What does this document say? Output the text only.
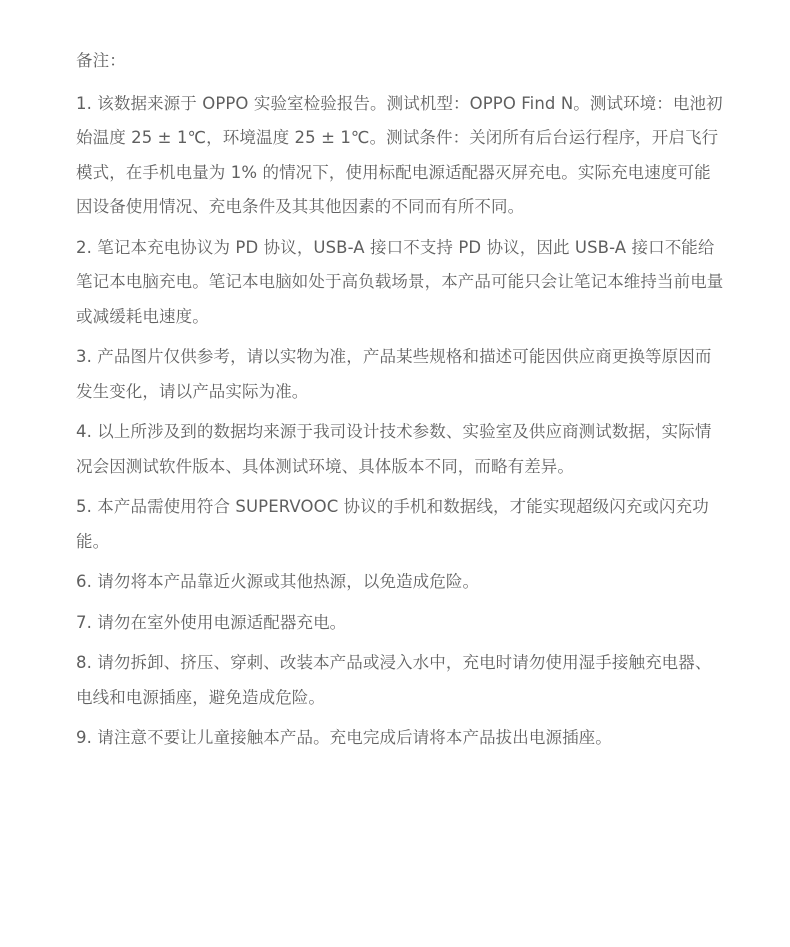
备注：

1. 该数据来源于 OPPO 实验室检验报告。测试机型：OPPO Find N。测试环境：电池初始温度 25 ± 1℃，环境温度 25 ± 1℃。测试条件：关闭所有后台运行程序，开启飞行模式，在手机电量为 1% 的情况下，使用标配电源适配器灭屏充电。实际充电速度可能因设备使用情况、充电条件及其其他因素的不同而有所不同。

2. 笔记本充电协议为 PD 协议，USB-A 接口不支持 PD 协议，因此 USB-A 接口不能给笔记本电脑充电。笔记本电脑如处于高负载场景，本产品可能只会让笔记本维持当前电量或减缓耗电速度。

3. 产品图片仅供参考，请以实物为准，产品某些规格和描述可能因供应商更换等原因而发生变化，请以产品实际为准。

4. 以上所涉及到的数据均来源于我司设计技术参数、实验室及供应商测试数据，实际情况会因测试软件版本、具体测试环境、具体版本不同，而略有差异。

5. 本产品需使用符合 SUPERVOOC 协议的手机和数据线，才能实现超级闪充或闪充功能。

6. 请勿将本产品靠近火源或其他热源，以免造成危险。

7. 请勿在室外使用电源适配器充电。

8. 请勿拆卸、挤压、穿刺、改装本产品或浸入水中，充电时请勿使用湿手接触充电器、电线和电源插座，避免造成危险。

9. 请注意不要让儿童接触本产品。充电完成后请将本产品拔出电源插座。
